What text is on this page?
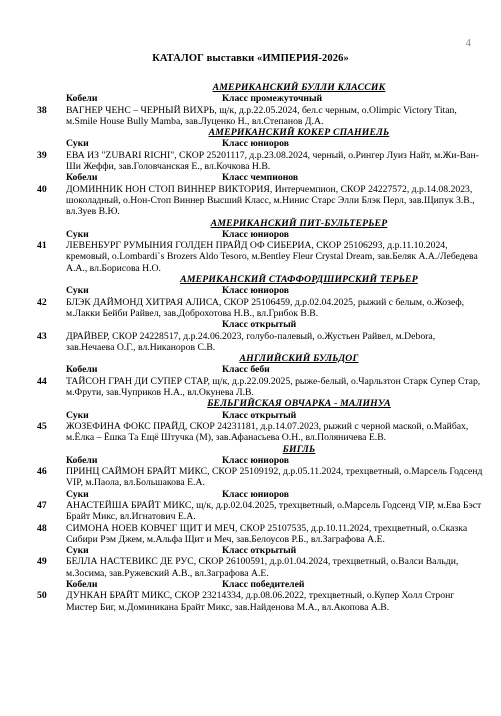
4
КАТАЛОГ выставки «ИМПЕРИЯ-2026»
АМЕРИКАНСКИЙ БУЛЛИ КЛАССИК
Кобели	Класс промежуточный
38 ВАГНЕР ЧЕНС – ЧЕРНЫЙ ВИХРЬ, щ/к, д.р.22.05.2024, бел.с черным, о.Olimpic Victory Titan, м.Smile House Bully Mamba, зав.Луценко Н., вл.Степанов Д.А.
АМЕРИКАНСКИЙ КОКЕР СПАНИЕЛЬ
Суки	Класс юниоров
39 ЕВА ИЗ "ZUBARI RICHI", СКОР 25201117, д.р.23.08.2024, черный, о.Рингер Луиз Найт, м.Жи-Ван-Ши Жеффи, зав.Головчанская Е., вл.Кочкова Н.В.
Кобели	Класс чемпионов
40 ДОМИННИК НОН СТОП ВИННЕР ВИКТОРИЯ, Интерчемпион, СКОР 24227572, д.р.14.08.2023, шоколадный, о.Нон-Стоп Виннер Высший Класс, м.Нинис Старс Элли Блэк Перл, зав.Щипук З.В., вл.Зуев В.Ю.
АМЕРИКАНСКИЙ ПИТ-БУЛЬТЕРЬЕР
Суки	Класс юниоров
41 ЛЕВЕНБУРГ РУМЫНИЯ ГОЛДЕН ПРАЙД ОФ СИБЕРИА, СКОР 25106293, д.р.11.10.2024, кремовый, о.Lombardi`s Brozers Aldo Tesoro, м.Bentley Fleur Crystal Dream, зав.Беляк А.А./Лебедева А.А., вл.Борисова Н.О.
АМЕРИКАНСКИЙ СТАФФОРДШИРСКИЙ ТЕРЬЕР
Суки	Класс юниоров
42 БЛЭК ДАЙМОНД ХИТРАЯ АЛИСА, СКОР 25106459, д.р.02.04.2025, рыжий с белым, о.Жозеф, м.Лакки Бейби Райвел, зав.Доброхотова Н.В., вл.Грибок В.В.
Класс открытый
43 ДРАЙВЕР, СКОР 24228517, д.р.24.06.2023, голубо-палевый, о.Жустьен Райвел, м.Debora, зав.Нечаева О.Г., вл.Никаноров С.В.
АНГЛИЙСКИЙ БУЛЬДОГ
Кобели	Класс беби
44 ТАЙСОН ГРАН ДИ СУПЕР СТАР, щ/к, д.р.22.09.2025, рыже-белый, о.Чарльзтон Старк Супер Стар, м.Фрути, зав.Чуприков Н.А., вл.Окунева Л.В.
БЕЛЬГИЙСКАЯ ОВЧАРКА - МАЛИНУА
Суки	Класс открытый
45 ЖОЗЕФИНА ФОКС ПРАЙД, СКОР 24231181, д.р.14.07.2023, рыжий с черной маской, о.Майбах, м.Ёлка – Ёшка Та Ещё Штучка (М), зав.Афанасьева О.Н., вл.Поляничева Е.В.
БИГЛЬ
Кобели	Класс юниоров
46 ПРИНЦ САЙМОН БРАЙТ МИКС, СКОР 25109192, д.р.05.11.2024, трехцветный, о.Марсель Годсенд VIP, м.Паола, вл.Большакова Е.А.
Суки	Класс юниоров
47 АНАСТЕЙША БРАЙТ МИКС, щ/к, д.р.02.04.2025, трехцветный, о.Марсель Годсенд VIP, м.Ева Бэст Брайт Микс, вл.Игнатович Е.А.
48 СИМОНА НОЕВ КОВЧЕГ ЩИТ И МЕЧ, СКОР 25107535, д.р.10.11.2024, трехцветный, о.Сказка Сибири Рэм Джем, м.Альфа Щит и Меч, зав.Белоусов Р.Б., вл.Заграфова А.Е.
Суки	Класс открытый
49 БЕЛЛА НАСТЕВИКС ДЕ РУС, СКОР 26100591, д.р.01.04.2024, трехцветный, о.Валси Вальди, м.Зосима, зав.Ружевский А.В., вл.Заграфова А.Е.
Кобели	Класс победителей
50 ДУНКАН БРАЙТ МИКС, СКОР 23214334, д.р.08.06.2022, трехцветный, о.Купер Холл Стронг Мистер Биг, м.Доминикана Брайт Микс, зав.Найденова М.А., вл.Акопова А.В.
